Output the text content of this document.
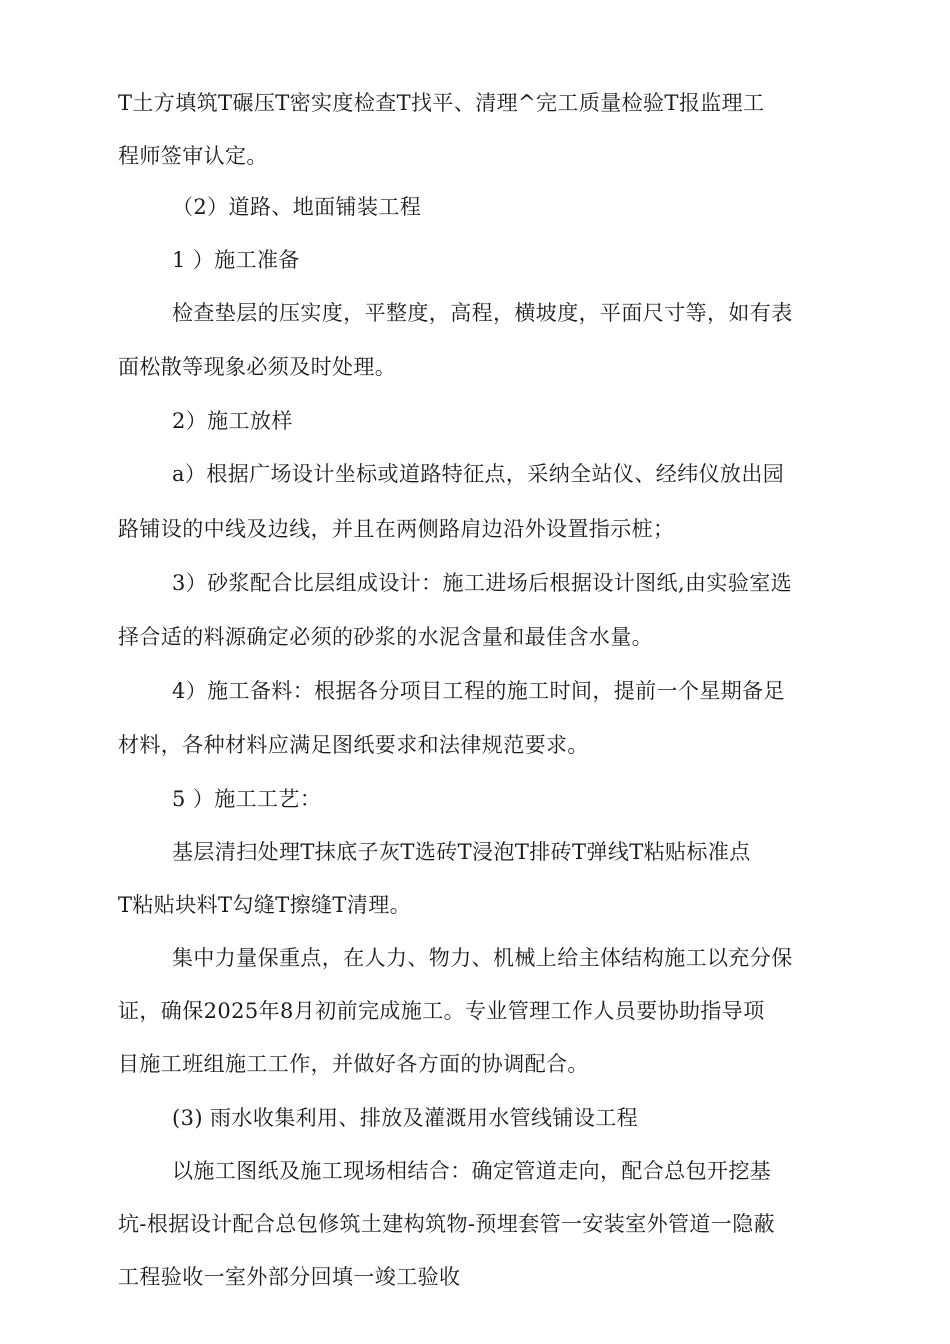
T土方填筑T碾压T密实度检查T找平、清理^完工质量检验T报监理工
程师签审认定。
（2）道路、地面铺装工程
1 ）施工准备
检查垫层的压实度，平整度，高程，横坡度，平面尺寸等，如有表
面松散等现象必须及时处理。
2）施工放样
a）根据广场设计坐标或道路特征点，采纳全站仪、经纬仪放出园
路铺设的中线及边线，并且在两侧路肩边沿外设置指示桩；
3）砂浆配合比层组成设计：施工进场后根据设计图纸,由实验室选
择合适的料源确定必须的砂浆的水泥含量和最佳含水量。
4）施工备料：根据各分项目工程的施工时间，提前一个星期备足
材料，各种材料应满足图纸要求和法律规范要求。
5 ）施工工艺：
基层清扫处理T抹底子灰T选砖T浸泡T排砖T弹线T粘贴标准点
T粘贴块料T勾缝T擦缝T清理。
集中力量保重点，在人力、物力、机械上给主体结构施工以充分保
证，确保2025年8月初前完成施工。专业管理工作人员要协助指导项
目施工班组施工工作，并做好各方面的协调配合。
(3) 雨水收集利用、排放及灌溉用水管线铺设工程
以施工图纸及施工现场相结合：确定管道走向，配合总包开挖基
坑-根据设计配合总包修筑土建构筑物-预埋套管一安装室外管道一隐蔽
工程验收一室外部分回填一竣工验收
